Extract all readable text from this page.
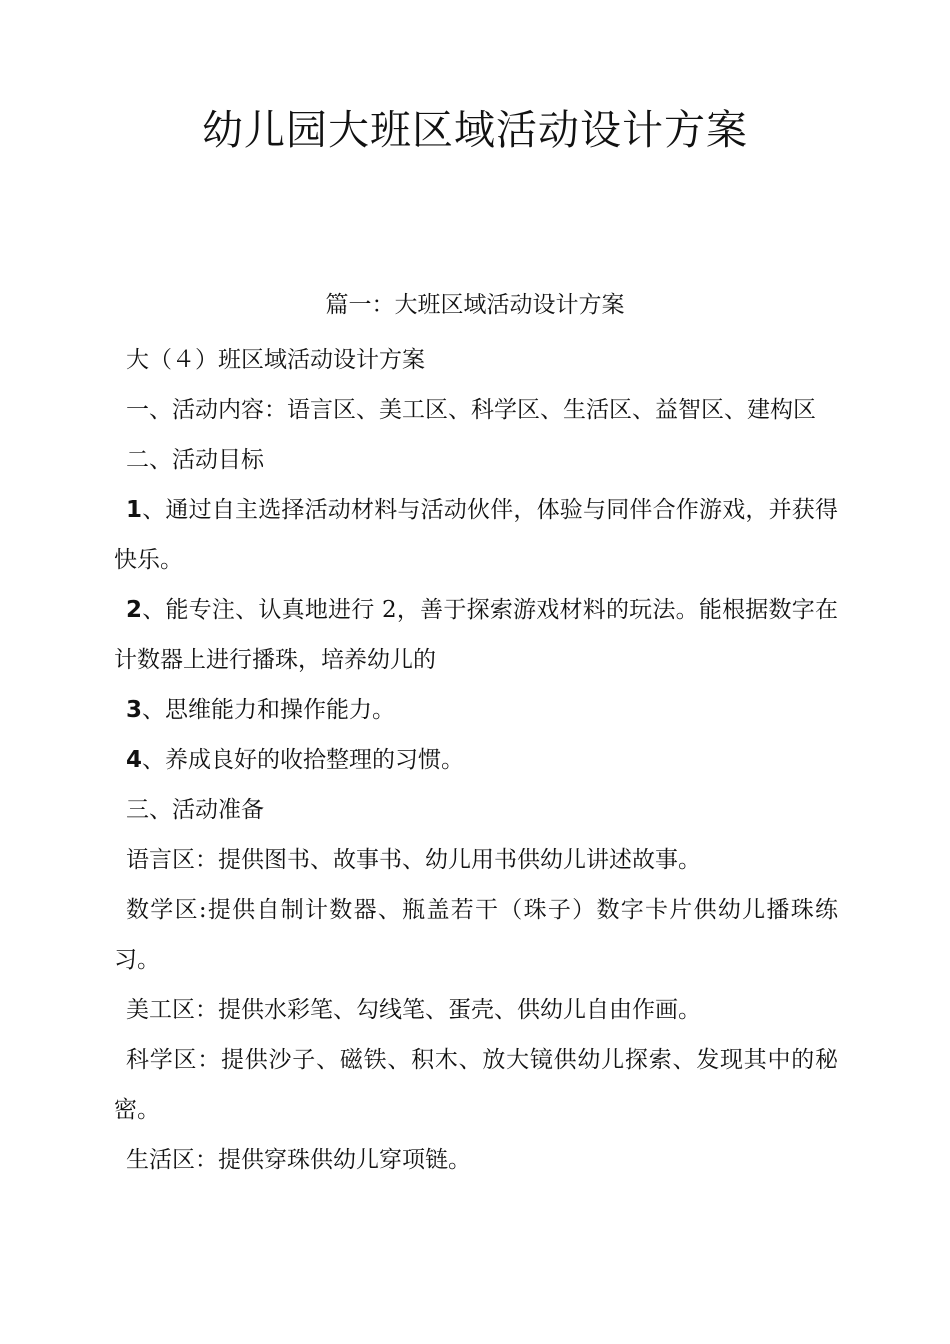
幼儿园大班区域活动设计方案
篇一：大班区域活动设计方案

大（４）班区域活动设计方案

一、活动内容：语言区、美工区、科学区、生活区、益智区、建构区

二、活动目标

1、通过自主选择活动材料与活动伙伴，体验与同伴合作游戏，并获得快乐。

2、能专注、认真地进行 2，善于探索游戏材料的玩法。能根据数字在计数器上进行播珠，培养幼儿的

3、思维能力和操作能力。

4、养成良好的收拾整理的习惯。

三、活动准备

语言区：提供图书、故事书、幼儿用书供幼儿讲述故事。

数学区:提供自制计数器、瓶盖若干（珠子）数字卡片供幼儿播珠练习。

美工区：提供水彩笔、勾线笔、蛋壳、供幼儿自由作画。

科学区：提供沙子、磁铁、积木、放大镜供幼儿探索、发现其中的秘密。

生活区：提供穿珠供幼儿穿项链。
